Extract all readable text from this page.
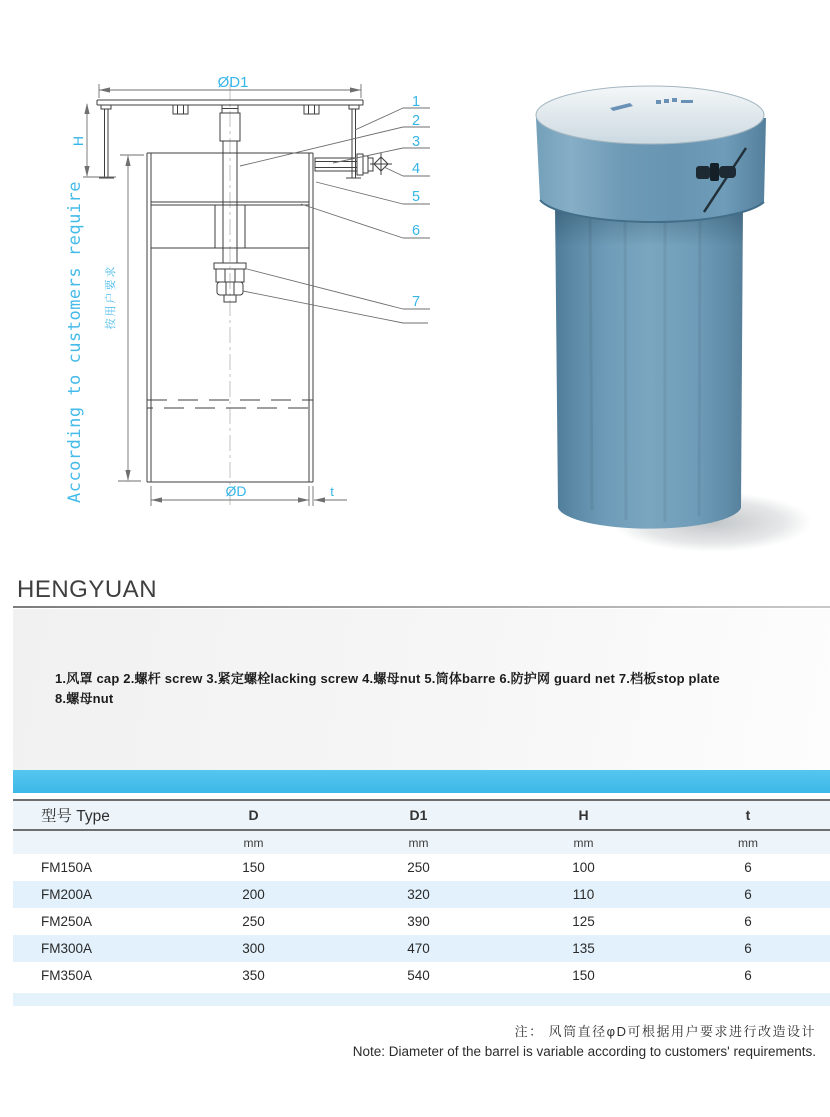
ØD1
H
ØD	t
1
2
3
4
5
6
7
According to customers require 按用户要求
HENGYUAN
1.风罩 cap 2.螺杆 screw 3.紧定螺栓lacking screw 4.螺母nut 5.筒体barre 6.防护网 guard net 7.档板stop plate
8.螺母nut
型号 Type	D	D1	H	t
	mm	mm	mm	mm
FM150A	150	250	100	6
FM200A	200	320	110	6
FM250A	250	390	125	6
FM300A	300	470	135	6
FM350A	350	540	150	6
注： 风筒直径φD可根据用户要求进行改造设计
Note: Diameter of the barrel is variable according to customers' requirements.
